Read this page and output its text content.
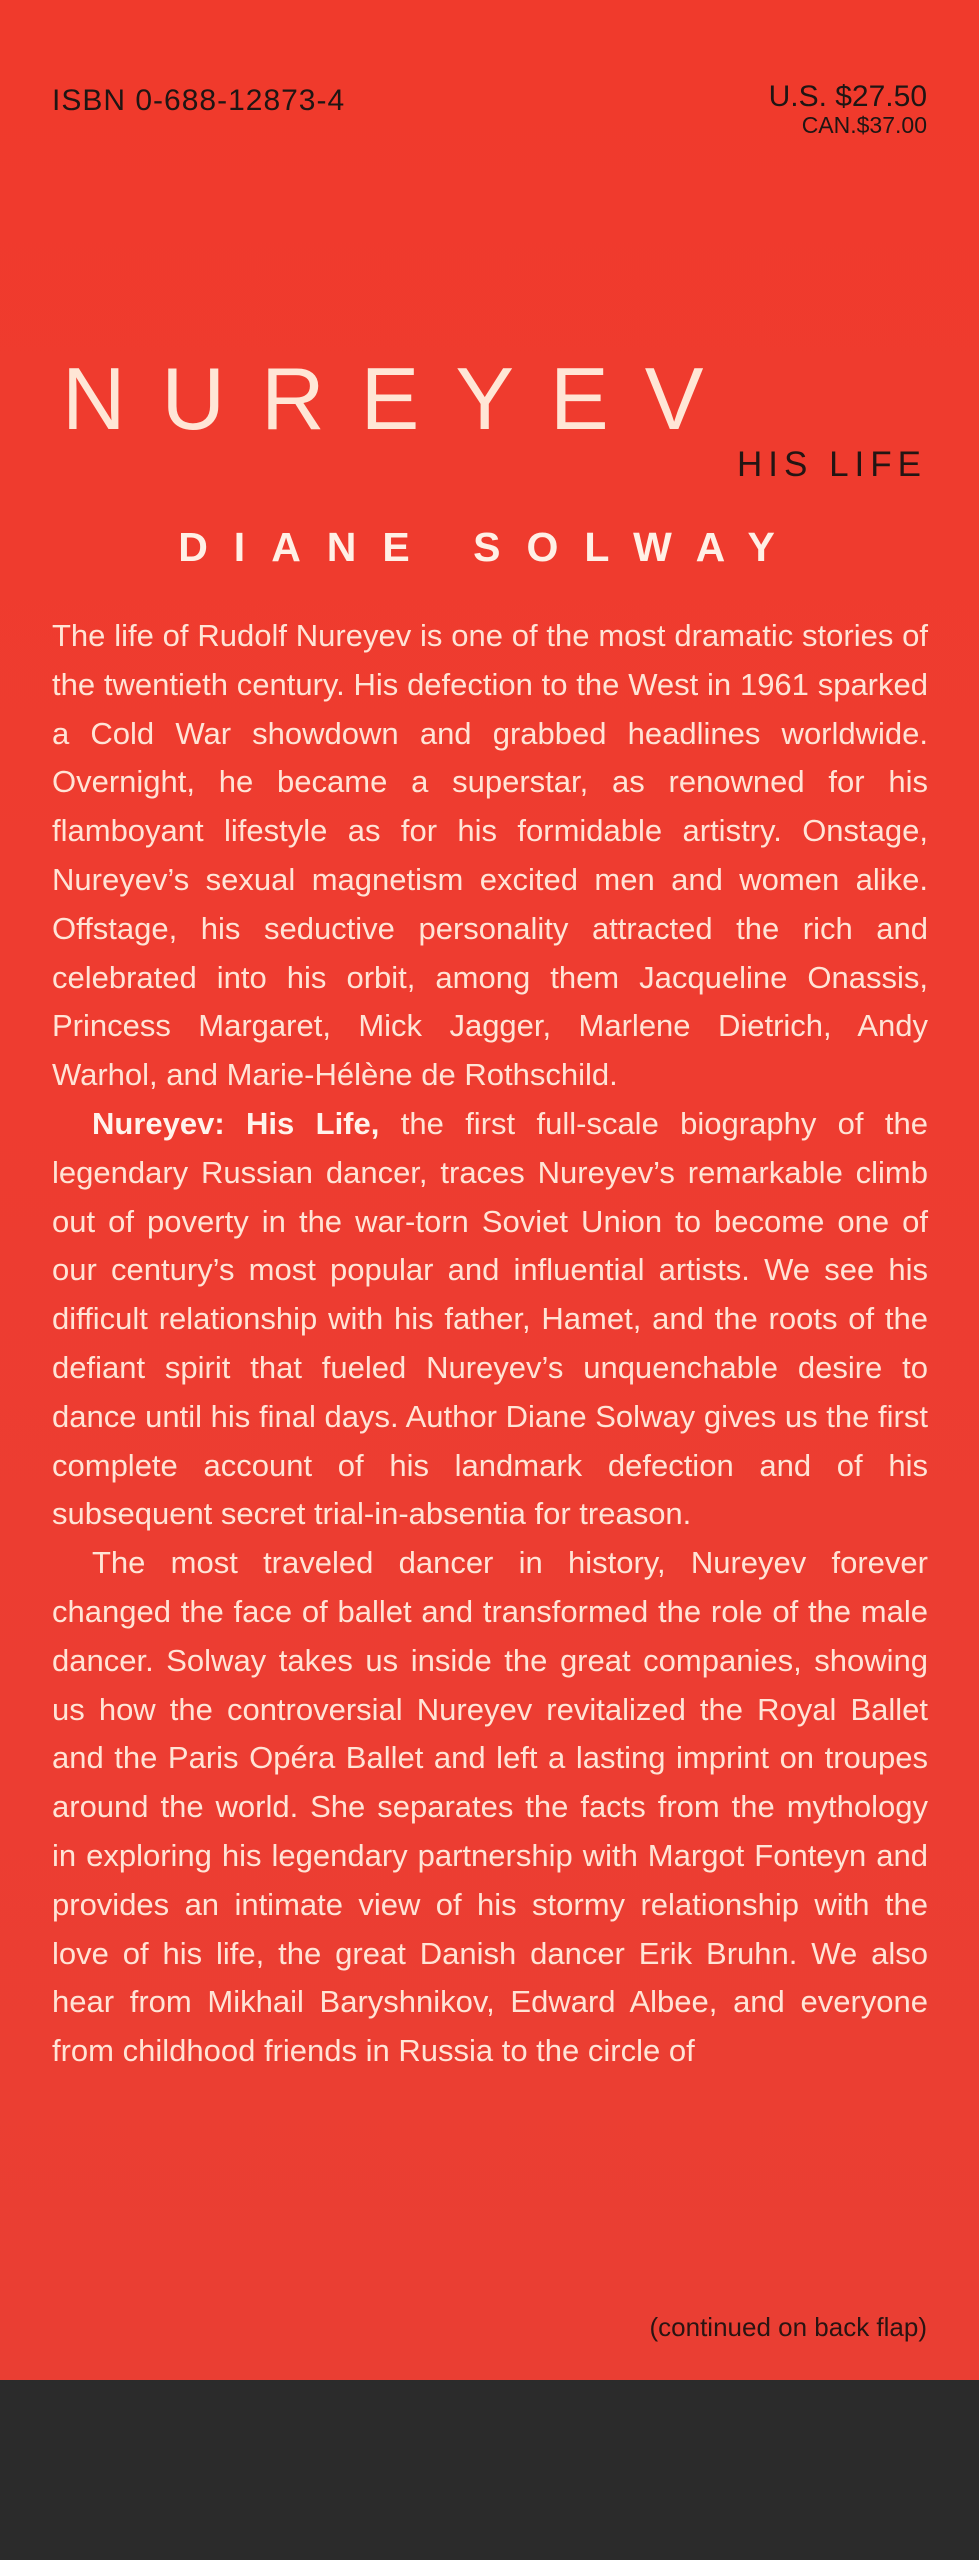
ISBN 0-688-12873-4	U.S. $27.50
CAN.$37.00
NUREYEV
HIS LIFE
DIANE SOLWAY

The life of Rudolf Nureyev is one of the most dramatic stories of the twentieth century. His defection to the West in 1961 sparked a Cold War showdown and grabbed headlines worldwide. Overnight, he became a superstar, as renowned for his flamboyant lifestyle as for his formidable artistry. Onstage, Nureyev’s sexual magnetism excited men and women alike. Offstage, his seductive personality attracted the rich and celebrated into his orbit, among them Jacqueline Onassis, Princess Margaret, Mick Jagger, Marlene Dietrich, Andy Warhol, and Marie-Hélène de Rothschild.

Nureyev: His Life, the first full-scale biography of the legendary Russian dancer, traces Nureyev’s remarkable climb out of poverty in the war-torn Soviet Union to become one of our century’s most popular and influential artists. We see his difficult relationship with his father, Hamet, and the roots of the defiant spirit that fueled Nureyev’s unquenchable desire to dance until his final days. Author Diane Solway gives us the first complete account of his landmark defection and of his subsequent secret trial-in-absentia for treason.

The most traveled dancer in history, Nureyev forever changed the face of ballet and transformed the role of the male dancer. Solway takes us inside the great companies, showing us how the controversial Nureyev revitalized the Royal Ballet and the Paris Opéra Ballet and left a lasting imprint on troupes around the world. She separates the facts from the mythology in exploring his legendary partnership with Margot Fonteyn and provides an intimate view of his stormy relationship with the love of his life, the great Danish dancer Erik Bruhn. We also hear from Mikhail Baryshnikov, Edward Albee, and everyone from childhood friends in Russia to the circle of

(continued on back flap)
